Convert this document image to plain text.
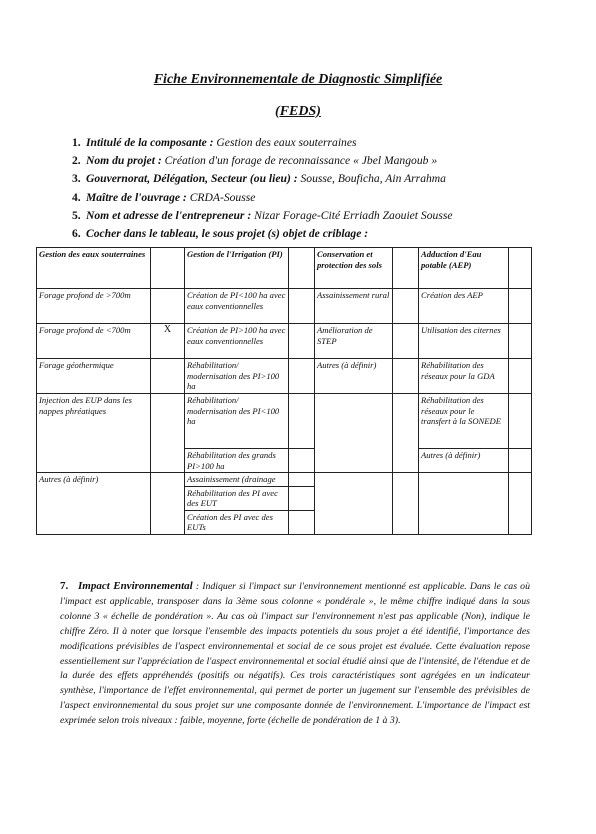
Fiche Environnementale de Diagnostic Simplifiée
(FEDS)
1. Intitulé de la composante : Gestion des eaux souterraines
2. Nom du projet : Création d'un forage de reconnaissance « Jbel Mangoub »
3. Gouvernorat, Délégation, Secteur (ou lieu) : Sousse, Bouficha, Ain Arrahma
4. Maître de l'ouvrage : CRDA-Sousse
5. Nom et adresse de l'entrepreneur : Nizar Forage-Cité Erriadh Zaouiet Sousse
6. Cocher dans le tableau, le sous projet (s) objet de criblage :
Gestion des eaux souterraines		Gestion de l'Irrigation (PI)		Conservation et protection des sols		Adduction d'Eau potable (AEP)	
Forage profond de >700m		Création de PI<100 ha avec eaux conventionnelles		Assainissement rural		Création des AEP	
Forage profond de <700m	X	Création de PI>100 ha avec eaux conventionnelles		Amélioration de STEP		Utilisation des citernes	
Forage géothermique		Réhabilitation/ modernisation des PI>100 ha		Autres (à définir)		Réhabilitation des réseaux pour la GDA	
Injection des EUP dans les nappes phréatiques		Réhabilitation/ modernisation des PI<100 ha				Réhabilitation des réseaux pour le transfert à la SONEDE	
		Réhabilitation des grands PI>100 ha				Autres (à définir)	
Autres (à définir)		Assainissement (drainage					
		Réhabilitation des PI avec des EUT					
		Création des PI avec des EUTs					
7. Impact Environnemental : Indiquer si l'impact sur l'environnement mentionné est applicable. Dans le cas où l'impact est applicable, transposer dans la 3ème sous colonne « pondérale », le même chiffre indiqué dans la sous colonne 3 « échelle de pondération ». Au cas où l'impact sur l'environnement n'est pas applicable (Non), indique le chiffre Zéro. Il à noter que lorsque l'ensemble des impacts potentiels du sous projet a été identifié, l'importance des modifications prévisibles de l'aspect environnemental et social de ce sous projet est évaluée. Cette évaluation repose essentiellement sur l'appréciation de l'aspect environnemental et social étudié ainsi que de l'intensité, de l'étendue et de la durée des effets appréhendés (positifs ou négatifs). Ces trois caractéristiques sont agrégées en un indicateur synthèse, l'importance de l'effet environnemental, qui permet de porter un jugement sur l'ensemble des prévisibles de l'aspect environnemental du sous projet sur une composante donnée de l'environnement. L'importance de l'impact est exprimée selon trois niveaux : faible, moyenne, forte (échelle de pondération de 1 à 3).
